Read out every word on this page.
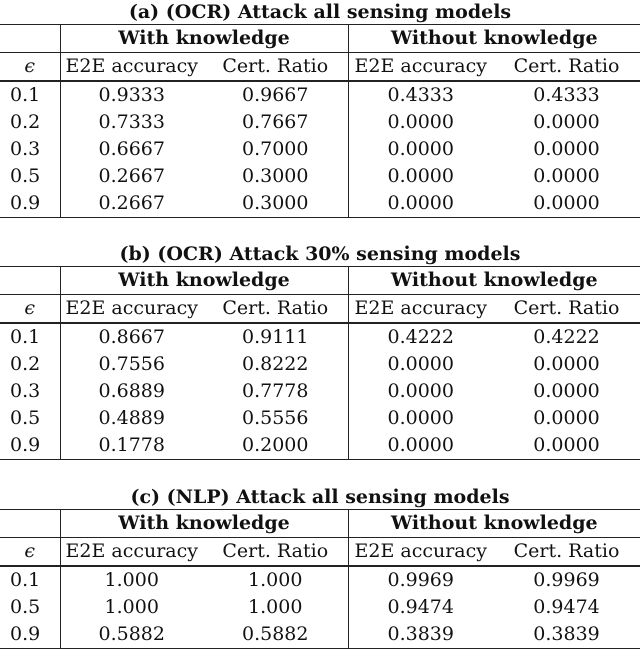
(a) (OCR) Attack all sensing models
	With knowledge		Without knowledge	
ϵ	E2E accuracy	Cert. Ratio	E2E accuracy	Cert. Ratio
0.1	0.9333	0.9667	0.4333	0.4333
0.2	0.7333	0.7667	0.0000	0.0000
0.3	0.6667	0.7000	0.0000	0.0000
0.5	0.2667	0.3000	0.0000	0.0000
0.9	0.2667	0.3000	0.0000	0.0000
(b) (OCR) Attack 30% sensing models
	With knowledge		Without knowledge	
ϵ	E2E accuracy	Cert. Ratio	E2E accuracy	Cert. Ratio
0.1	0.8667	0.9111	0.4222	0.4222
0.2	0.7556	0.8222	0.0000	0.0000
0.3	0.6889	0.7778	0.0000	0.0000
0.5	0.4889	0.5556	0.0000	0.0000
0.9	0.1778	0.2000	0.0000	0.0000
(c) (NLP) Attack all sensing models
	With knowledge		Without knowledge	
ϵ	E2E accuracy	Cert. Ratio	E2E accuracy	Cert. Ratio
0.1	1.000	1.000	0.9969	0.9969
0.5	1.000	1.000	0.9474	0.9474
0.9	0.5882	0.5882	0.3839	0.3839
